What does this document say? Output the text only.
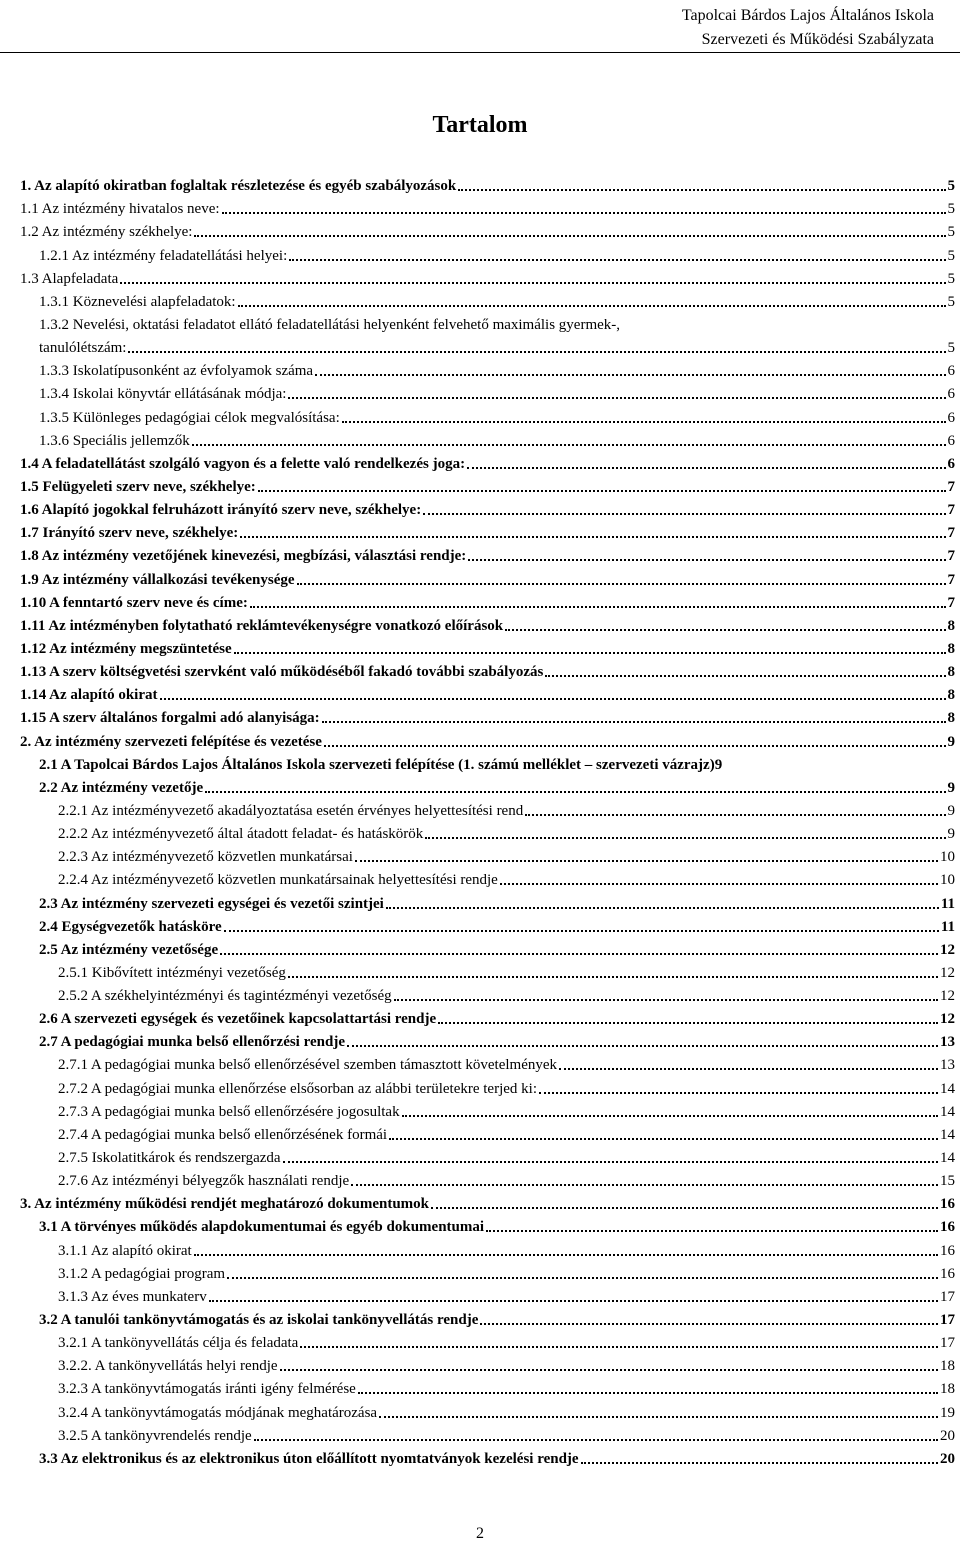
Tapolcai Bárdos Lajos Általános Iskola
Szervezeti és Működési Szabályzata
Tartalom
1. Az alapító okiratban foglaltak részletezése és egyéb szabályozások	5
1.1 Az intézmény hivatalos neve:	5
1.2 Az intézmény székhelye:	5
1.2.1 Az intézmény feladatellátási helyei:	5
1.3 Alapfeladata	5
1.3.1 Köznevelési alapfeladatok:	5
1.3.2 Nevelési, oktatási feladatot ellátó feladatellátási helyenként felvehető maximális gyermek-,
tanulólétszám:	5
1.3.3 Iskolatípusonként az évfolyamok száma	6
1.3.4 Iskolai könyvtár ellátásának módja:	6
1.3.5 Különleges pedagógiai célok megvalósítása:	6
1.3.6 Speciális jellemzők	6
1.4 A feladatellátást szolgáló vagyon és a felette való rendelkezés joga:	6
1.5 Felügyeleti szerv neve, székhelye:	7
1.6 Alapító jogokkal felruházott irányító szerv neve, székhelye:	7
1.7 Irányító szerv neve, székhelye:	7
1.8 Az intézmény vezetőjének kinevezési, megbízási, választási rendje:	7
1.9 Az intézmény vállalkozási tevékenysége	7
1.10 A fenntartó szerv neve és címe:	7
1.11 Az intézményben folytatható reklámtevékenységre vonatkozó előírások	8
1.12 Az intézmény megszüntetése	8
1.13 A szerv költségvetési szervként való működéséből fakadó további szabályozás	8
1.14 Az alapító okirat	8
1.15 A szerv általános forgalmi adó alanyisága:	8
2. Az intézmény szervezeti felépítése és vezetése	9
2.1 A Tapolcai Bárdos Lajos Általános Iskola szervezeti felépítése (1. számú melléklet – szervezeti vázrajz) 9
2.2 Az intézmény vezetője	9
2.2.1 Az intézményvezető akadályoztatása esetén érvényes helyettesítési rend	9
2.2.2 Az intézményvezető által átadott feladat- és hatáskörök	9
2.2.3 Az intézményvezető közvetlen munkatársai	10
2.2.4 Az intézményvezető közvetlen munkatársainak helyettesítési rendje	10
2.3 Az intézmény szervezeti egységei és vezetői szintjei	11
2.4 Egységvezetők hatásköre	11
2.5 Az intézmény vezetősége	12
2.5.1 Kibővített intézményi vezetőség	12
2.5.2 A székhelyintézményi és tagintézményi vezetőség	12
2.6 A szervezeti egységek és vezetőinek kapcsolattartási rendje	12
2.7 A pedagógiai munka belső ellenőrzési rendje	13
2.7.1 A pedagógiai munka belső ellenőrzésével szemben támasztott követelmények	13
2.7.2 A pedagógiai munka ellenőrzése elsősorban az alábbi területekre terjed ki:	14
2.7.3 A pedagógiai munka belső ellenőrzésére jogosultak	14
2.7.4 A pedagógiai munka belső ellenőrzésének formái	14
2.7.5 Iskolatitkárok és rendszergazda	14
2.7.6 Az intézményi bélyegzők használati rendje	15
3. Az intézmény működési rendjét meghatározó dokumentumok	16
3.1 A törvényes működés alapdokumentumai és egyéb dokumentumai	16
3.1.1 Az alapító okirat	16
3.1.2 A pedagógiai program	16
3.1.3 Az éves munkaterv	17
3.2 A tanulói tankönyvtámogatás és az iskolai tankönyvellátás rendje	17
3.2.1 A tankönyvellátás célja és feladata	17
3.2.2. A tankönyvellátás helyi rendje	18
3.2.3 A tankönyvtámogatás iránti igény felmérése	18
3.2.4 A tankönyvtámogatás módjának meghatározása	19
3.2.5 A tankönyvrendelés rendje	20
3.3 Az elektronikus és az elektronikus úton előállított nyomtatványok kezelési rendje	20
2
